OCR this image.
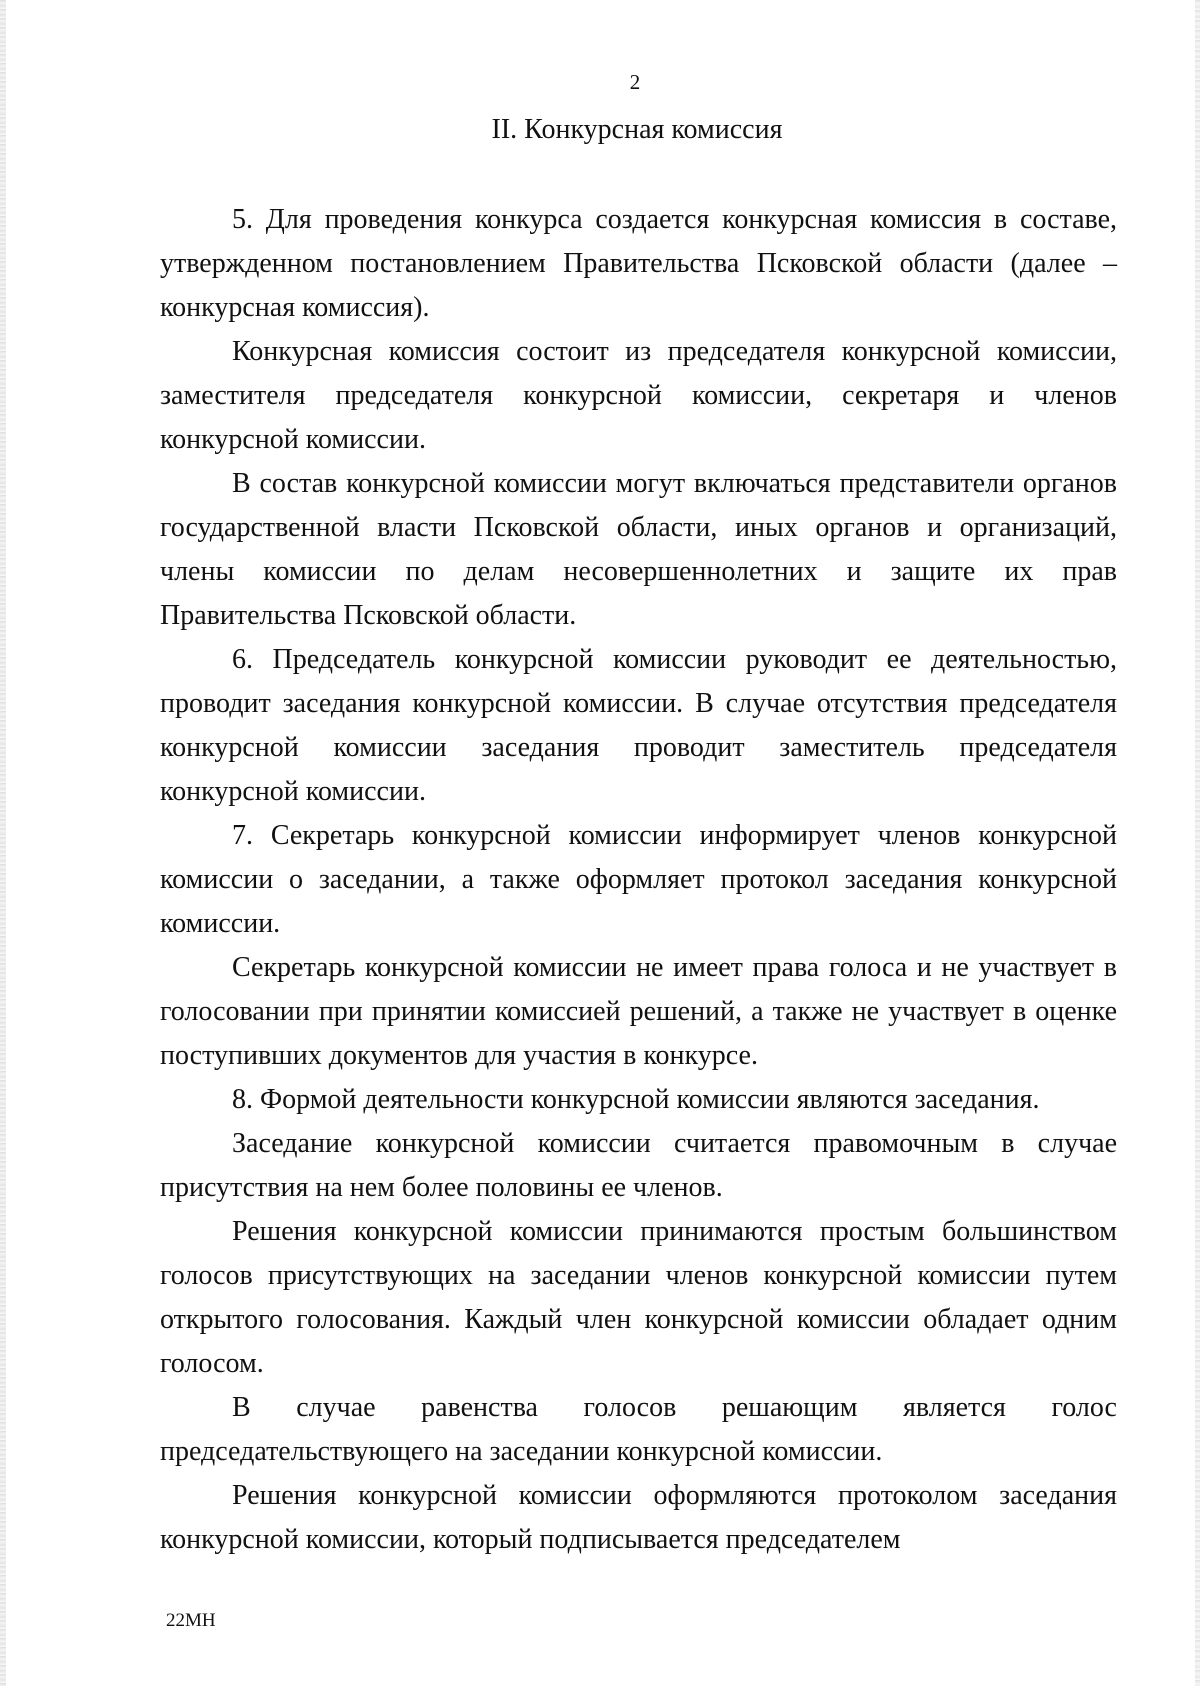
2
II. Конкурсная комиссия

5. Для проведения конкурса создается конкурсная комиссия в составе, утвержденном постановлением Правительства Псковской области (далее – конкурсная комиссия).

Конкурсная комиссия состоит из председателя конкурсной комиссии, заместителя председателя конкурсной комиссии, секретаря и членов конкурсной комиссии.

В состав конкурсной комиссии могут включаться представители органов государственной власти Псковской области, иных органов и организаций, члены комиссии по делам несовершеннолетних и защите их прав Правительства Псковской области.

6. Председатель конкурсной комиссии руководит ее деятельностью, проводит заседания конкурсной комиссии. В случае отсутствия председателя конкурсной комиссии заседания проводит заместитель председателя конкурсной комиссии.

7. Секретарь конкурсной комиссии информирует членов конкурсной комиссии о заседании, а также оформляет протокол заседания конкурсной комиссии.

Секретарь конкурсной комиссии не имеет права голоса и не участвует в голосовании при принятии комиссией решений, а также не участвует в оценке поступивших документов для участия в конкурсе.

8. Формой деятельности конкурсной комиссии являются заседания.

Заседание конкурсной комиссии считается правомочным в случае присутствия на нем более половины ее членов.

Решения конкурсной комиссии принимаются простым большинством голосов присутствующих на заседании членов конкурсной комиссии путем открытого голосования. Каждый член конкурсной комиссии обладает одним голосом.

В случае равенства голосов решающим является голос председательствующего на заседании конкурсной комиссии.

Решения конкурсной комиссии оформляются протоколом заседания конкурсной комиссии, который подписывается председателем

22МН
